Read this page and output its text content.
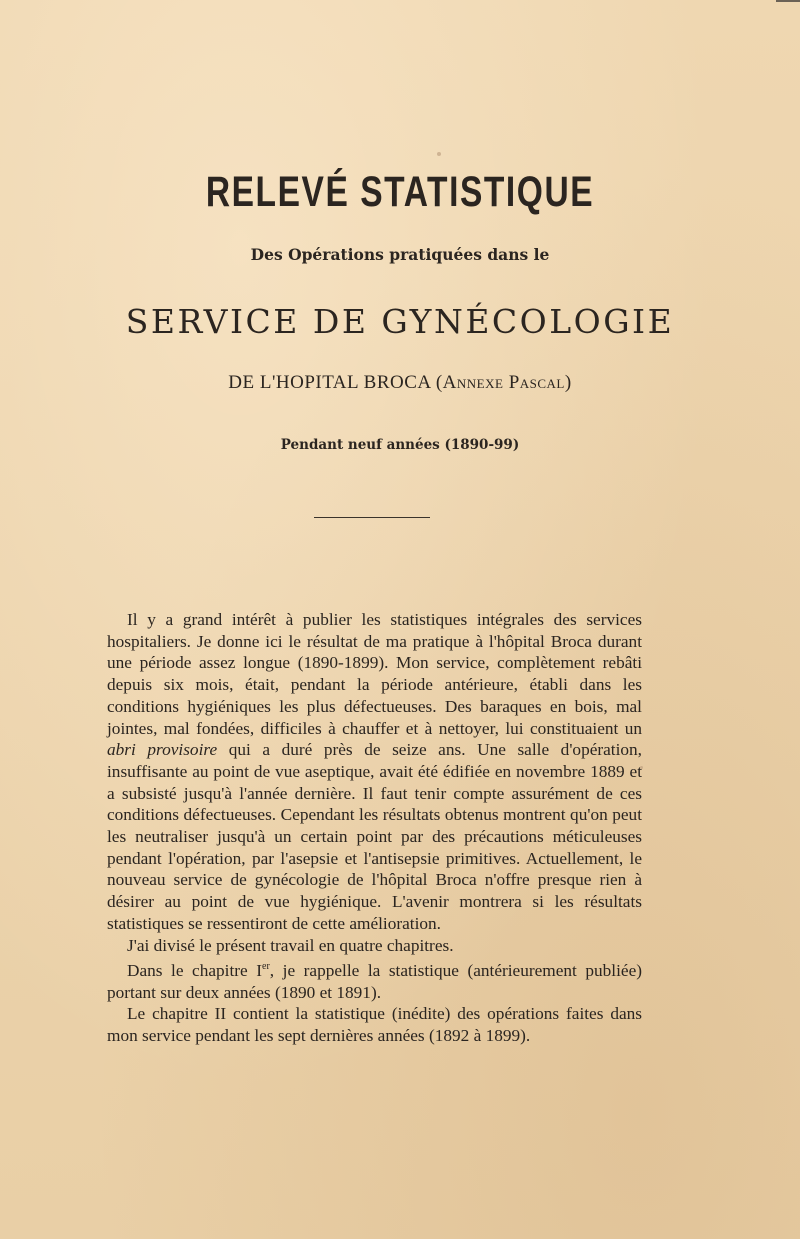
RELEVÉ STATISTIQUE
Des Opérations pratiquées dans le
SERVICE DE GYNÉCOLOGIE
DE L'HOPITAL BROCA (Annexe Pascal)
Pendant neuf années (1890-99)

Il y a grand intérêt à publier les statistiques intégrales des services hospitaliers. Je donne ici le résultat de ma pratique à l'hôpital Broca durant une période assez longue (1890-1899). Mon service, complètement rebâti depuis six mois, était, pendant la période antérieure, établi dans les conditions hygiéniques les plus défectueuses. Des baraques en bois, mal jointes, mal fondées, difficiles à chauffer et à nettoyer, lui constituaient un abri provisoire qui a duré près de seize ans. Une salle d'opération, insuffisante au point de vue aseptique, avait été édifiée en novembre 1889 et a subsisté jusqu'à l'année dernière. Il faut tenir compte assurément de ces conditions défectueuses. Cependant les résultats obtenus montrent qu'on peut les neutraliser jusqu'à un certain point par des précautions méticuleuses pendant l'opération, par l'asepsie et l'antisepsie primitives. Actuellement, le nouveau service de gynécologie de l'hôpital Broca n'offre presque rien à désirer au point de vue hygiénique. L'avenir montrera si les résultats statistiques se ressentiront de cette amélioration.

J'ai divisé le présent travail en quatre chapitres.

Dans le chapitre Ier, je rappelle la statistique (antérieurement publiée) portant sur deux années (1890 et 1891).

Le chapitre II contient la statistique (inédite) des opérations faites dans mon service pendant les sept dernières années (1892 à 1899).
